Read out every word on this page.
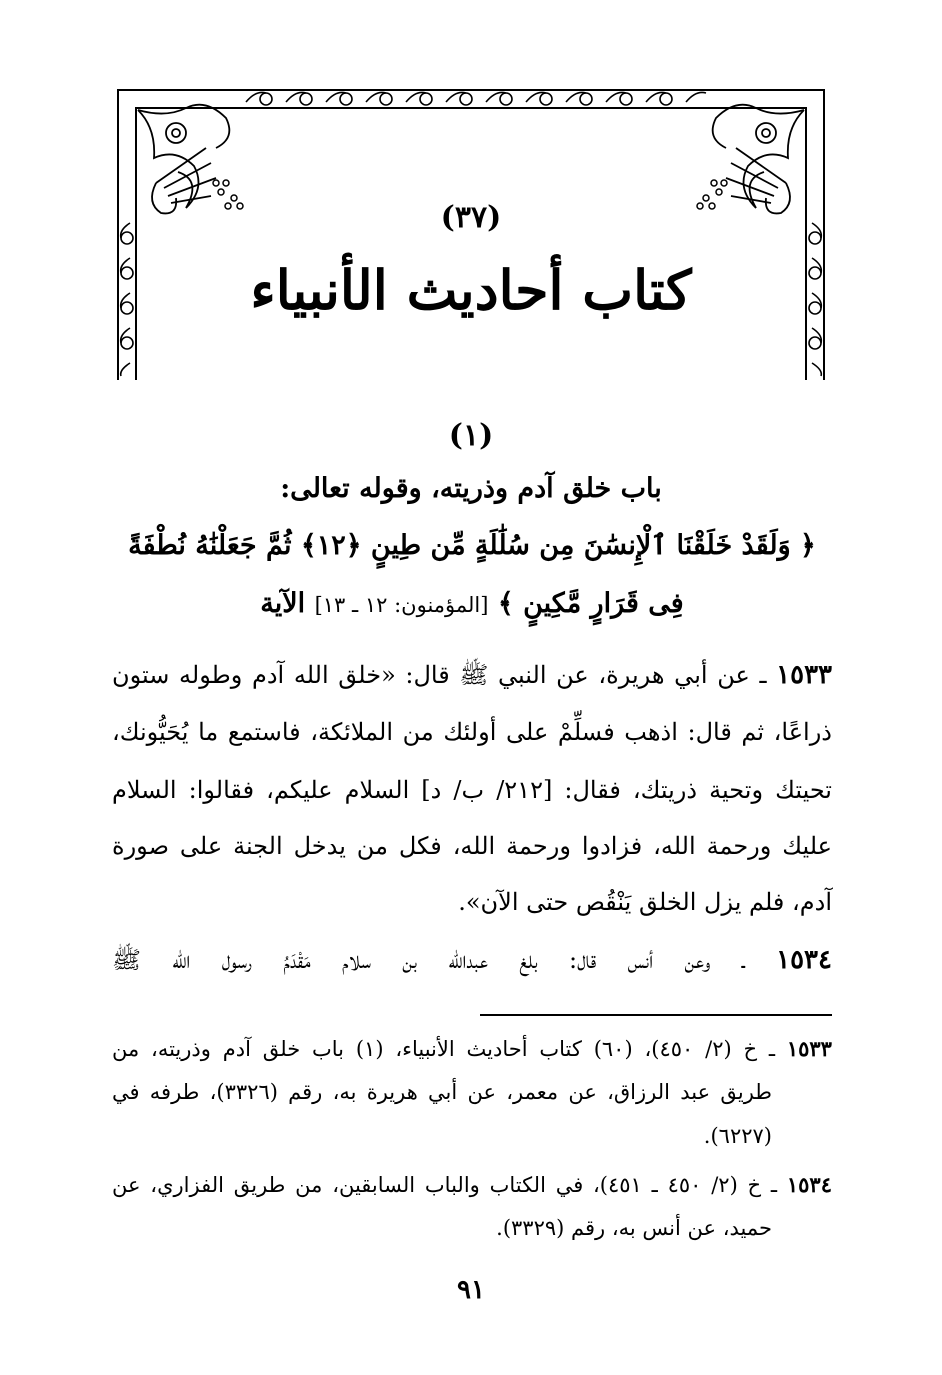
(٣٧)
كتاب أحاديث الأنبياء
(١)
باب خلق آدم وذريته، وقوله تعالى:
﴿ وَلَقَدْ خَلَقْنَا ٱلْإِنسَٰنَ مِن سُلَٰلَةٍ مِّن طِينٍ ﴿١٢﴾ ثُمَّ جَعَلْنَٰهُ نُطْفَةً
فِى قَرَارٍ مَّكِينٍ ﴾ [المؤمنون: ١٢ ـ ١٣] الآية
١٥٣٣ ـ عن أبي هريرة، عن النبي ﷺ قال: «خلق الله آدم وطوله ستون
ذراعًا، ثم قال: اذهب فسلِّمْ على أولئك من الملائكة، فاستمع ما يُحَيُّونك،
تحيتك وتحية ذريتك، فقال: [٢١٢/ ب/ د] السلام عليكم، فقالوا: السلام
عليك ورحمة الله، فزادوا ورحمة الله، فكل من يدخل الجنة على صورة
آدم، فلم يزل الخلق يَنْقُص حتى الآن».
١٥٣٤ ـ وعن أنس قال: بلغ عبدالله بن سلام مَقْدَمُ رسول الله ﷺ
١٥٣٣ ـ خ (٢/ ٤٥٠)، (٦٠) كتاب أحاديث الأنبياء، (١) باب خلق آدم وذريته، من
طريق عبد الرزاق، عن معمر، عن أبي هريرة به، رقم (٣٣٢٦)، طرفه في
(٦٢٢٧).
١٥٣٤ ـ خ (٢/ ٤٥٠ ـ ٤٥١)، في الكتاب والباب السابقين، من طريق الفزاري، عن
حميد، عن أنس به، رقم (٣٣٢٩).
٩١
